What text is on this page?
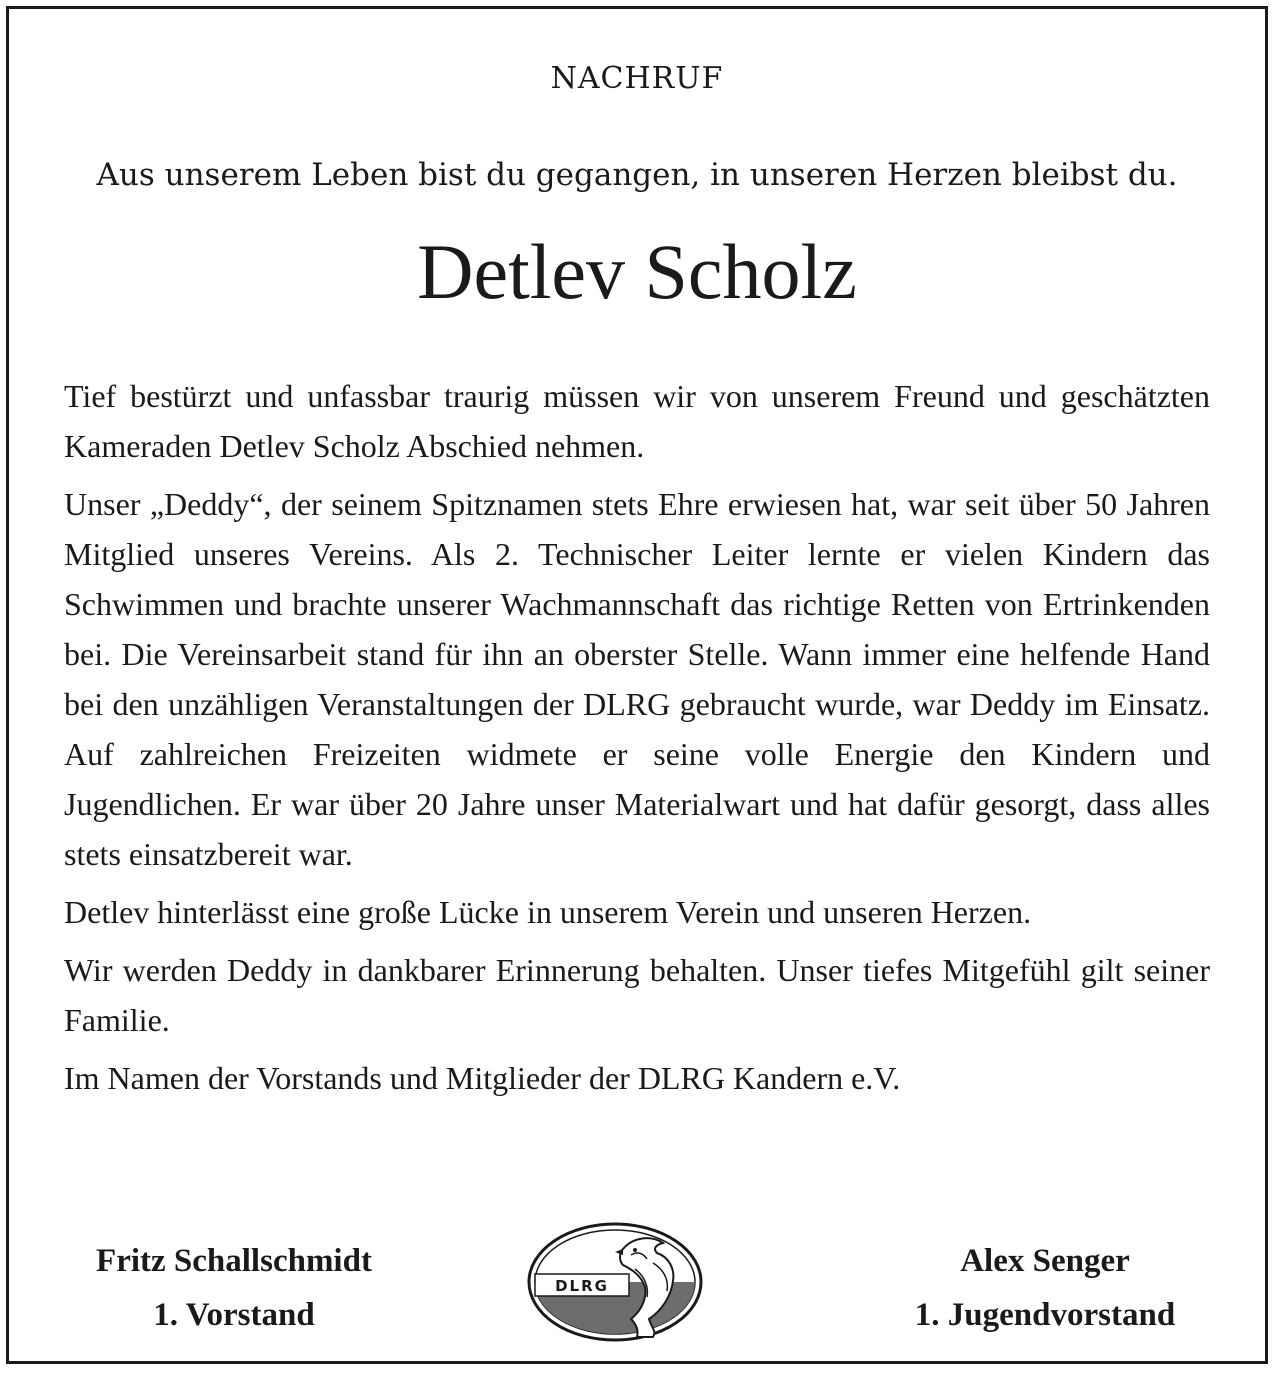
NACHRUF
Aus unserem Leben bist du gegangen, in unseren Herzen bleibst du.
Detlev Scholz

Tief bestürzt und unfassbar traurig müssen wir von unserem Freund und geschätzten Kameraden Detlev Scholz Abschied nehmen.

Unser „Deddy“, der seinem Spitznamen stets Ehre erwiesen hat, war seit über 50 Jahren Mitglied unseres Vereins. Als 2. Technischer Leiter lernte er vielen Kindern das Schwimmen und brachte unserer Wachmannschaft das richtige Retten von Ertrinkenden bei. Die Vereinsarbeit stand für ihn an oberster Stelle. Wann immer eine helfende Hand bei den unzähligen Veranstaltungen der DLRG gebraucht wurde, war Deddy im Einsatz. Auf zahlreichen Freizeiten widmete er seine volle Energie den Kindern und Jugendlichen. Er war über 20 Jahre unser Materialwart und hat dafür gesorgt, dass alles stets einsatzbereit war.

Detlev hinterlässt eine große Lücke in unserem Verein und unseren Herzen.

Wir werden Deddy in dankbarer Erinnerung behalten. Unser tiefes Mitgefühl gilt seiner Familie.

Im Namen der Vorstands und Mitglieder der DLRG Kandern e.V.

Fritz Schallschmidt
1. Vorstand
DLRG
Alex Senger
1. Jugendvorstand
